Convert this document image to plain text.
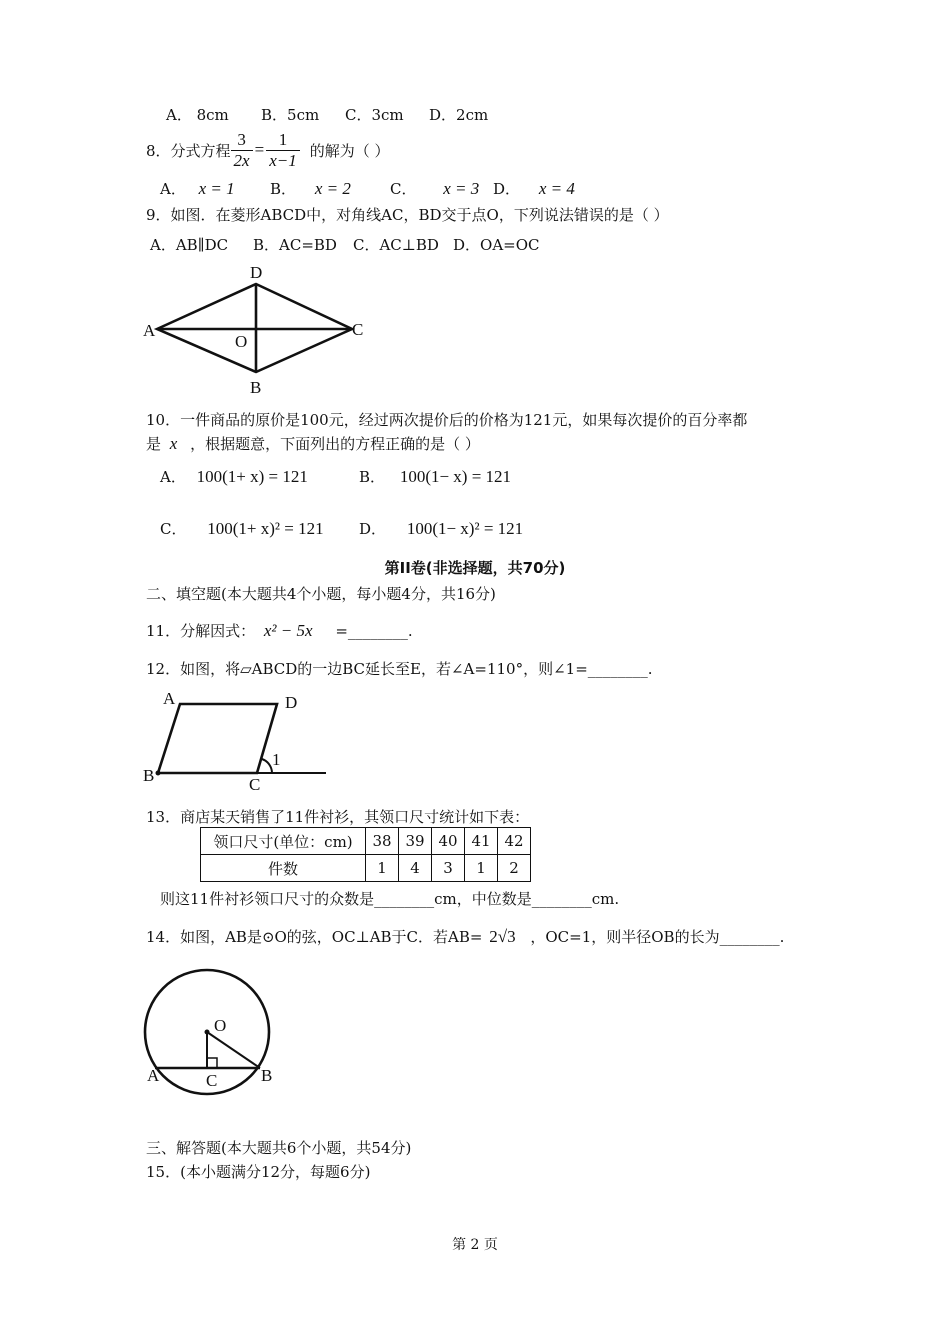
A． 8cm B．5cm C．3cm D．2cm
8．分式方程 $\frac{3}{2x} = \frac{1}{x-1}$ 的解为（ ）
A． x = 1 B． x = 2	C． x = 3 D． x = 4
9．如图．在菱形ABCD中，对角线AC，BD交于点O，下列说法错误的是（ ）
A．AB∥DC B．AC=BD C．AC⊥BD D．OA=OC
A
D
C
B
O
10．一件商品的原价是100元，经过两次提价后的价格为121元，如果每次提价的百分率都
是 x ，根据题意，下面列出的方程正确的是（ ）
A． 100(1+ x) = 121	B． 100(1− x) = 121
C． 100(1+ x)² = 121 D． 100(1− x)² = 121
第II卷(非选择题，共70分)
二、填空题(本大题共4个小题，每小题4分，共16分)
11．分解因式： x² − 5x =________.
12．如图，将▱ABCD的一边BC延长至E，若∠A=110°，则∠1=________.
A	D
B	C
1
13．商店某天销售了11件衬衫，其领口尺寸统计如下表：
领口尺寸(单位：cm)	38	39	40	41	42
件数	1	4	3	1	2
则这11件衬衫领口尺寸的众数是________cm，中位数是________cm.
14．如图，AB是⊙O的弦，OC⊥AB于C．若AB= 2√3 ，OC=1，则半径OB的长为________.
O
A	B
C
三、解答题(本大题共6个小题，共54分)
15．(本小题满分12分，每题6分)
第 2 页
